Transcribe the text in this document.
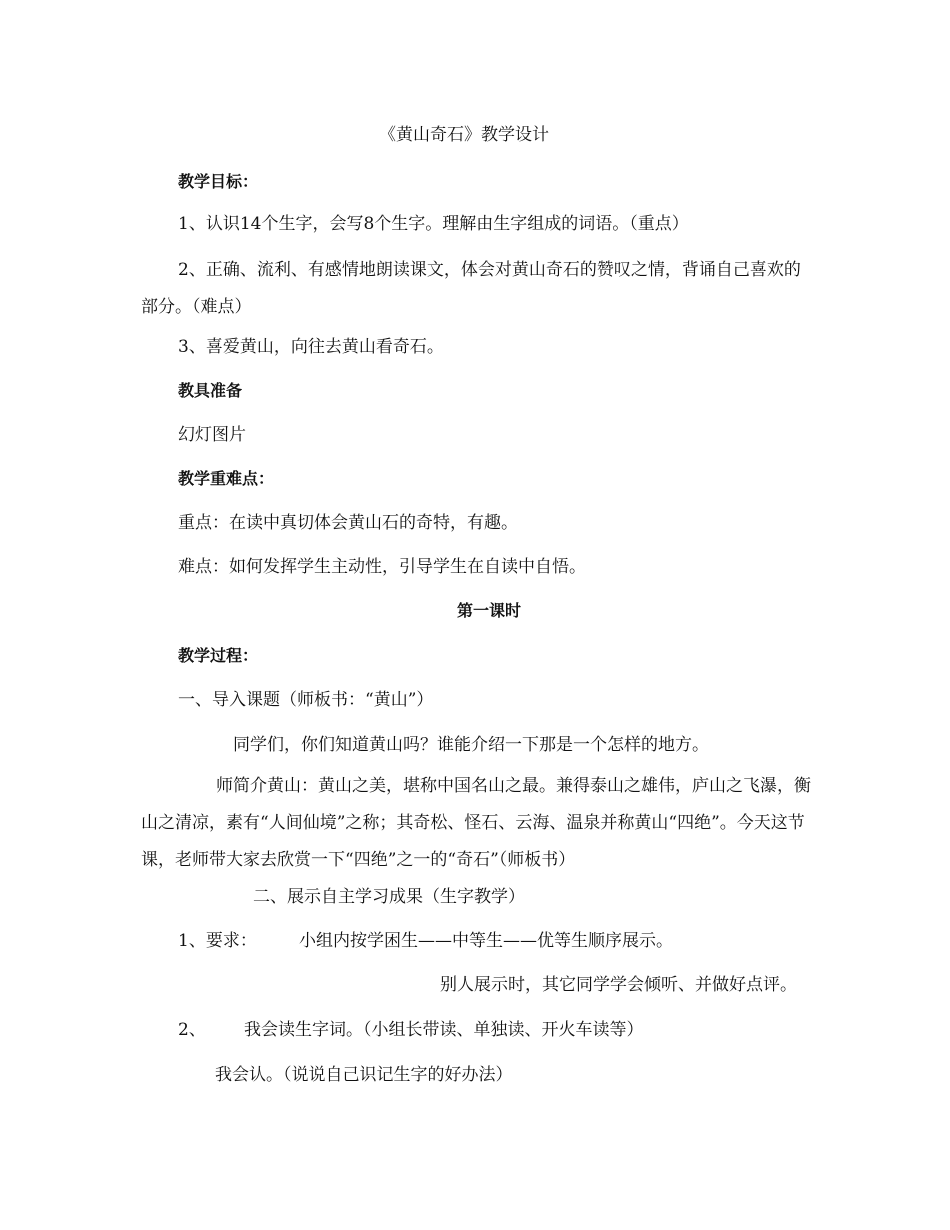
《黄山奇石》教学设计
教学目标：
1、认识14个生字，会写8个生字。理解由生字组成的词语。（重点）
2、正确、流利、有感情地朗读课文，体会对黄山奇石的赞叹之情，背诵自己喜欢的部分。（难点）
3、喜爱黄山，向往去黄山看奇石。
教具准备
幻灯图片
教学重难点：
重点：在读中真切体会黄山石的奇特，有趣。
难点：如何发挥学生主动性，引导学生在自读中自悟。
第一课时
教学过程：
一、导入课题（师板书：“黄山”）
同学们，你们知道黄山吗？谁能介绍一下那是一个怎样的地方。
师简介黄山：黄山之美，堪称中国名山之最。兼得泰山之雄伟，庐山之飞瀑，衡山之清凉，素有“人间仙境”之称；其奇松、怪石、云海、温泉并称黄山“四绝”。今天这节课，老师带大家去欣赏一下“四绝”之一的“奇石”（师板书）
二、展示自主学习成果（生字教学）
1、要求： 小组内按学困生——中等生——优等生顺序展示。
别人展示时，其它同学学会倾听、并做好点评。
2、 我会读生字词。（小组长带读、单独读、开火车读等）
我会认。（说说自己识记生字的好办法）
